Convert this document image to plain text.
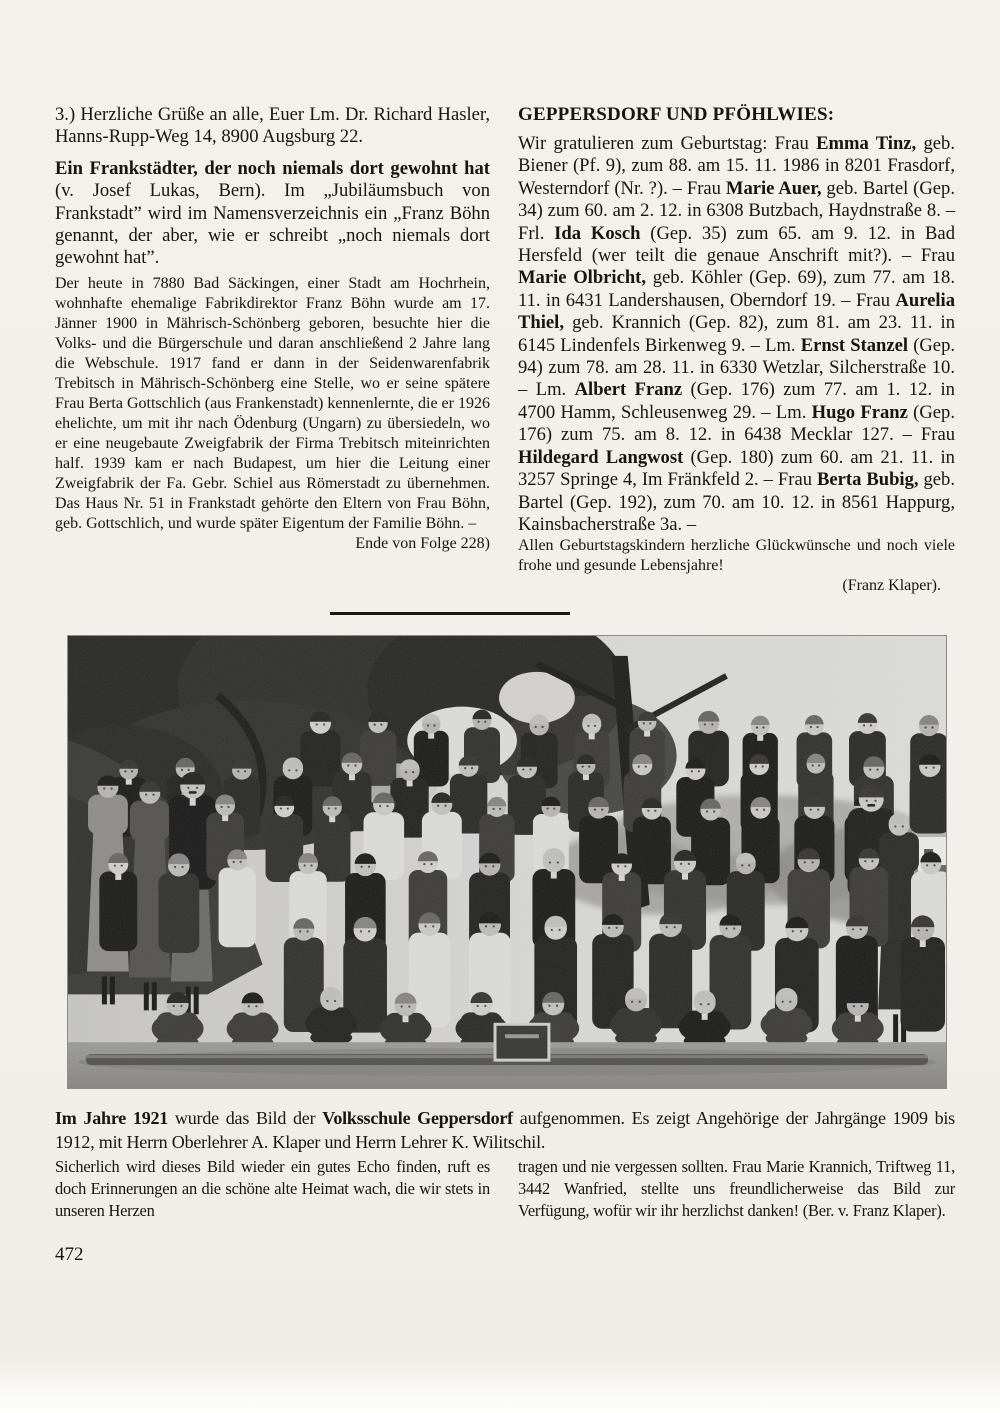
3.) Herzliche Grüße an alle, Euer Lm. Dr. Richard Hasler, Hanns-Rupp-Weg 14, 8900 Augsburg 22.

Ein Frankstädter, der noch niemals dort gewohnt hat (v. Josef Lukas, Bern). Im „Jubiläumsbuch von Frankstadt” wird im Namensverzeichnis ein „Franz Böhn genannt, der aber, wie er schreibt „noch niemals dort gewohnt hat”.

Der heute in 7880 Bad Säckingen, einer Stadt am Hochrhein, wohnhafte ehemalige Fabrikdirektor Franz Böhn wurde am 17. Jänner 1900 in Mährisch-Schönberg geboren, besuchte hier die Volks- und die Bürgerschule und daran anschließend 2 Jahre lang die Webschule. 1917 fand er dann in der Seidenwarenfabrik Trebitsch in Mährisch-Schönberg eine Stelle, wo er seine spätere Frau Berta Gottschlich (aus Frankenstadt) kennenlernte, die er 1926 ehelichte, um mit ihr nach Ödenburg (Ungarn) zu übersiedeln, wo er eine neugebaute Zweigfabrik der Firma Trebitsch miteinrichten half. 1939 kam er nach Budapest, um hier die Leitung einer Zweigfabrik der Fa. Gebr. Schiel aus Römerstadt zu übernehmen. Das Haus Nr. 51 in Frankstadt gehörte den Eltern von Frau Böhn, geb. Gottschlich, und wurde später Eigentum der Familie Böhn. –

Ende von Folge 228)

GEPPERSDORF UND PFÖHLWIES:

Wir gratulieren zum Geburtstag: Frau Emma Tinz, geb. Biener (Pf. 9), zum 88. am 15. 11. 1986 in 8201 Frasdorf, Westerndorf (Nr. ?). – Frau Marie Auer, geb. Bartel (Gep. 34) zum 60. am 2. 12. in 6308 Butzbach, Haydnstraße 8. – Frl. Ida Kosch (Gep. 35) zum 65. am 9. 12. in Bad Hersfeld (wer teilt die genaue Anschrift mit?). – Frau Marie Olbricht, geb. Köhler (Gep. 69), zum 77. am 18. 11. in 6431 Landershausen, Oberndorf 19. – Frau Aurelia Thiel, geb. Krannich (Gep. 82), zum 81. am 23. 11. in 6145 Lindenfels Birkenweg 9. – Lm. Ernst Stanzel (Gep. 94) zum 78. am 28. 11. in 6330 Wetzlar, Silcherstraße 10. – Lm. Albert Franz (Gep. 176) zum 77. am 1. 12. in 4700 Hamm, Schleusenweg 29. – Lm. Hugo Franz (Gep. 176) zum 75. am 8. 12. in 6438 Mecklar 127. – Frau Hildegard Langwost (Gep. 180) zum 60. am 21. 11. in 3257 Springe 4, Im Fränkfeld 2. – Frau Berta Bubig, geb. Bartel (Gep. 192), zum 70. am 10. 12. in 8561 Happurg, Kainsbacherstraße 3a. –

Allen Geburtstagskindern herzliche Glückwünsche und noch viele frohe und gesunde Lebensjahre!

(Franz Klaper).

Im Jahre 1921 wurde das Bild der Volksschule Geppersdorf aufgenommen. Es zeigt Angehörige der Jahrgänge 1909 bis 1912, mit Herrn Oberlehrer A. Klaper und Herrn Lehrer K. Wilitschil.

Sicherlich wird dieses Bild wieder ein gutes Echo finden, ruft es doch Erinnerungen an die schöne alte Heimat wach, die wir stets in unseren Herzen

tragen und nie vergessen sollten. Frau Marie Krannich, Triftweg 11, 3442 Wanfried, stellte uns freundlicherweise das Bild zur Verfügung, wofür wir ihr herzlichst danken! (Ber. v. Franz Klaper).

472
